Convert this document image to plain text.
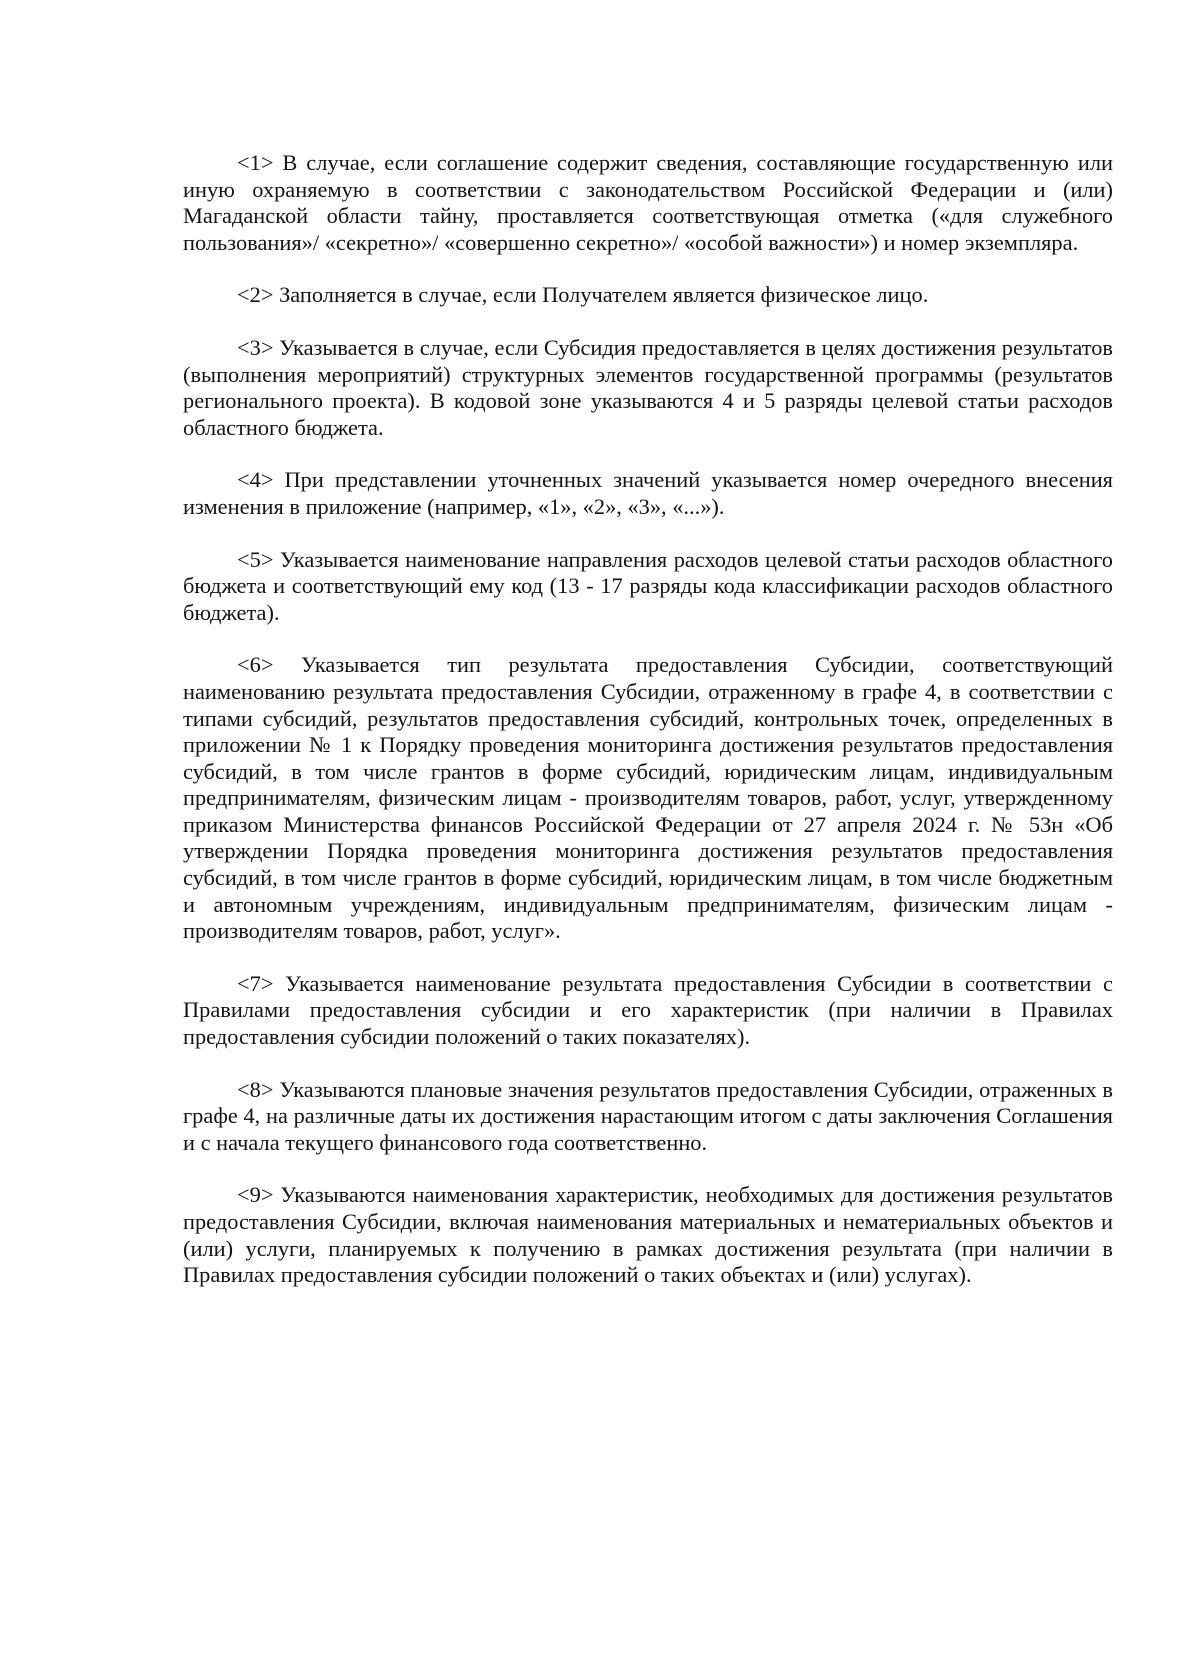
<1> В случае, если соглашение содержит сведения, составляющие государственную или иную охраняемую в соответствии с законодательством Российской Федерации и (или) Магаданской области тайну, проставляется соответствующая отметка («для служебного пользования»/ «секретно»/ «совершенно секретно»/ «особой важности») и номер экземпляра.

<2> Заполняется в случае, если Получателем является физическое лицо.

<3> Указывается в случае, если Субсидия предоставляется в целях достижения результатов (выполнения мероприятий) структурных элементов государственной программы (результатов регионального проекта). В кодовой зоне указываются 4 и 5 разряды целевой статьи расходов областного бюджета.

<4> При представлении уточненных значений указывается номер очередного внесения изменения в приложение (например, «1», «2», «3», «...»).

<5> Указывается наименование направления расходов целевой статьи расходов областного бюджета и соответствующий ему код (13 - 17 разряды кода классификации расходов областного бюджета).

<6> Указывается тип результата предоставления Субсидии, соответствующий наименованию результата предоставления Субсидии, отраженному в графе 4, в соответствии с типами субсидий, результатов предоставления субсидий, контрольных точек, определенных в приложении № 1 к Порядку проведения мониторинга достижения результатов предоставления субсидий, в том числе грантов в форме субсидий, юридическим лицам, индивидуальным предпринимателям, физическим лицам - производителям товаров, работ, услуг, утвержденному приказом Министерства финансов Российской Федерации от 27 апреля 2024 г. № 53н «Об утверждении Порядка проведения мониторинга достижения результатов предоставления субсидий, в том числе грантов в форме субсидий, юридическим лицам, в том числе бюджетным и автономным учреждениям, индивидуальным предпринимателям, физическим лицам - производителям товаров, работ, услуг».

<7> Указывается наименование результата предоставления Субсидии в соответствии с Правилами предоставления субсидии и его характеристик (при наличии в Правилах предоставления субсидии положений о таких показателях).

<8> Указываются плановые значения результатов предоставления Субсидии, отраженных в графе 4, на различные даты их достижения нарастающим итогом с даты заключения Соглашения и с начала текущего финансового года соответственно.

<9> Указываются наименования характеристик, необходимых для достижения результатов предоставления Субсидии, включая наименования материальных и нематериальных объектов и (или) услуги, планируемых к получению в рамках достижения результата (при наличии в Правилах предоставления субсидии положений о таких объектах и (или) услугах).
